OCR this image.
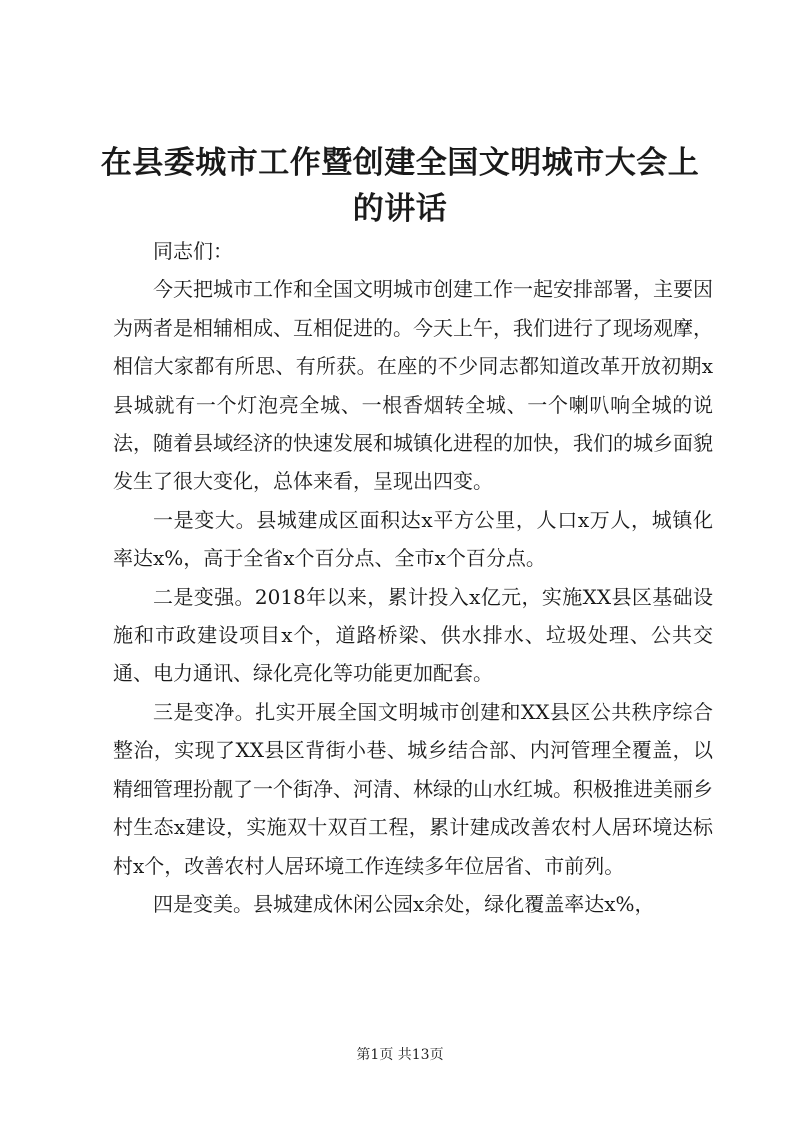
在县委城市工作暨创建全国文明城市大会上的讲话

同志们：

今天把城市工作和全国文明城市创建工作一起安排部署，主要因为两者是相辅相成、互相促进的。今天上午，我们进行了现场观摩，相信大家都有所思、有所获。在座的不少同志都知道改革开放初期x县城就有一个灯泡亮全城、一根香烟转全城、一个喇叭响全城的说法，随着县域经济的快速发展和城镇化进程的加快，我们的城乡面貌发生了很大变化，总体来看，呈现出四变。

一是变大。县城建成区面积达x平方公里，人口x万人，城镇化率达x%，高于全省x个百分点、全市x个百分点。

二是变强。2018年以来，累计投入x亿元，实施XX县区基础设施和市政建设项目x个，道路桥梁、供水排水、垃圾处理、公共交通、电力通讯、绿化亮化等功能更加配套。

三是变净。扎实开展全国文明城市创建和XX县区公共秩序综合整治，实现了XX县区背街小巷、城乡结合部、内河管理全覆盖，以精细管理扮靓了一个街净、河清、林绿的山水红城。积极推进美丽乡村生态x建设，实施双十双百工程，累计建成改善农村人居环境达标村x个，改善农村人居环境工作连续多年位居省、市前列。

四是变美。县城建成休闲公园x余处，绿化覆盖率达x%，

第1页 共13页
